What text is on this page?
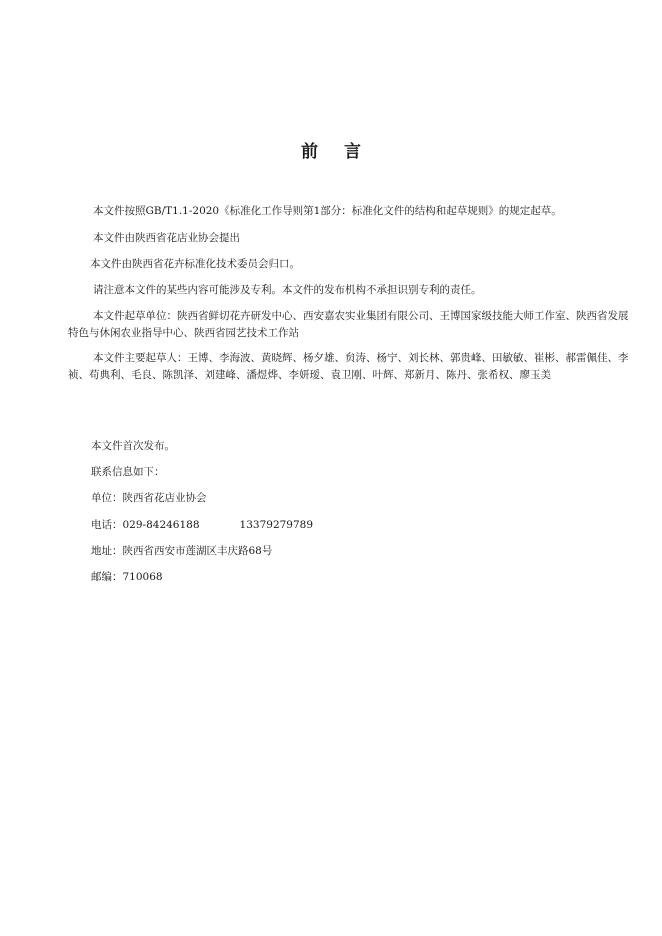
前言
本文件按照GB/T1.1-2020《标准化工作导则第1部分：标准化文件的结构和起草规则》的规定起草。
本文件由陕西省花店业协会提出
本文件由陕西省花卉标准化技术委员会归口。
请注意本文件的某些内容可能涉及专利。本文件的发布机构不承担识别专利的责任。
本文件起草单位：陕西省鲜切花卉研发中心、西安嘉农实业集团有限公司、王博国家级技能大师工作室、陕西省发展特色与休闲农业指导中心、陕西省园艺技术工作站
本文件主要起草人：王博、李海波、黄晓辉、杨夕雄、贠涛、杨宁、刘长林、郭贵峰、田敏敏、崔彬、郝雷佩佳、李祯、苟典利、毛良、陈凯泽、刘建峰、潘煜烨、李妍瑷、袁卫刚、叶辉、郑新月、陈丹、张希权、廖玉美
本文件首次发布。
联系信息如下：
单位：陕西省花店业协会
电话：029-84246188	13379279789
地址：陕西省西安市莲湖区丰庆路68号
邮编：710068
